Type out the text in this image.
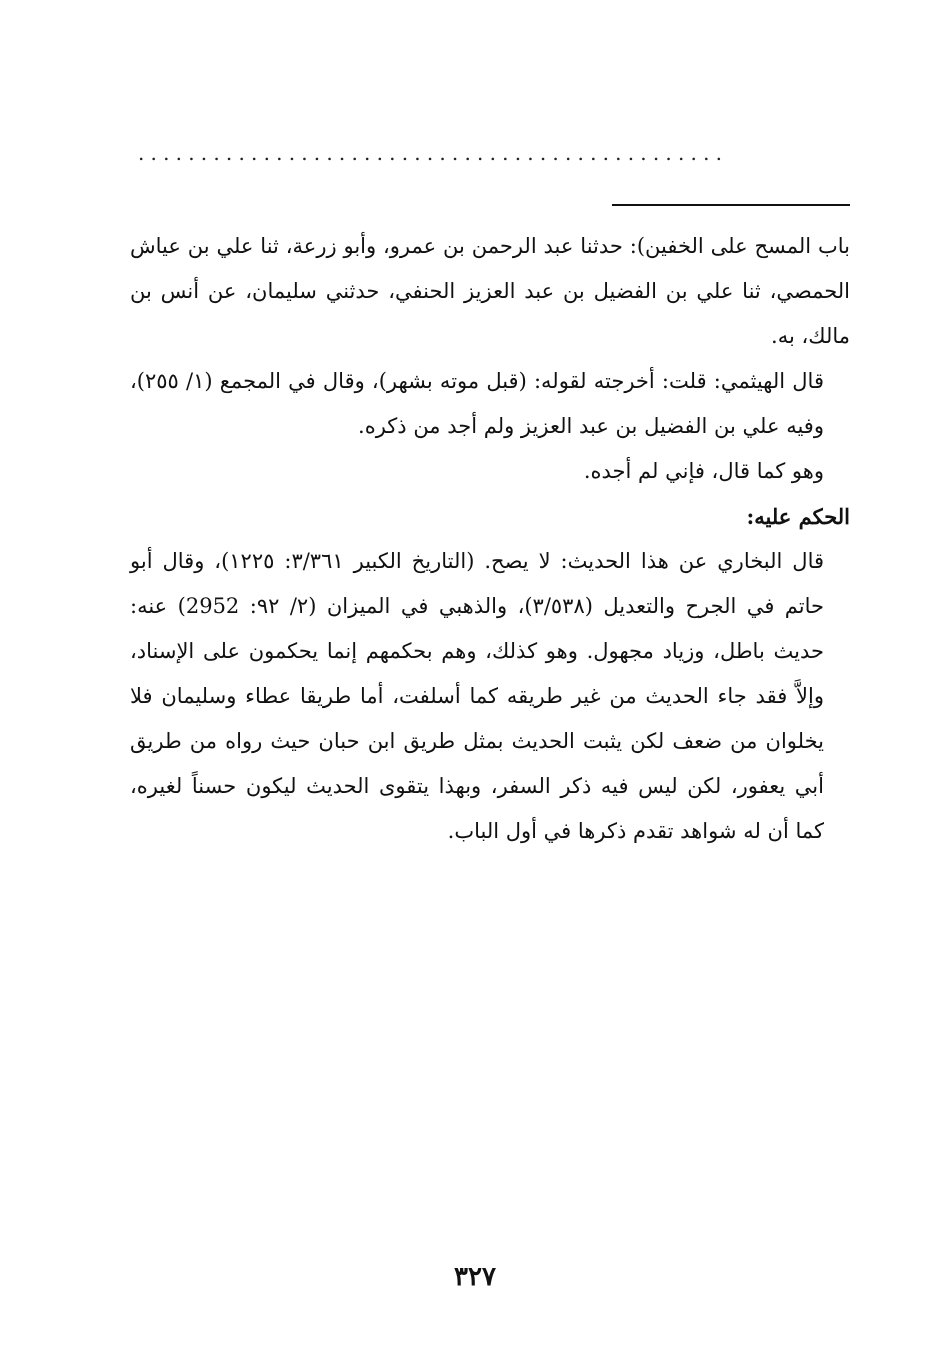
...............................................

باب المسح على الخفين): حدثنا عبد الرحمن بن عمرو، وأبو زرعة، ثنا علي بن عياش الحمصي، ثنا علي بن الفضيل بن عبد العزيز الحنفي، حدثني سليمان، عن أنس بن مالك، به.

قال الهيثمي: قلت: أخرجته لقوله: (قبل موته بشهر)، وقال في المجمع (١/ ٢٥٥)، وفيه علي بن الفضيل بن عبد العزيز ولم أجد من ذكره.

وهو كما قال، فإني لم أجده.

الحكم عليه:

قال البخاري عن هذا الحديث: لا يصح. (التاريخ الكبير ٣/٣٦١: ١٢٢٥)، وقال أبو حاتم في الجرح والتعديل (٣/٥٣٨)، والذهبي في الميزان (٢/ ٩٢: 2952) عنه: حديث باطل، وزياد مجهول. وهو كذلك، وهم بحكمهم إنما يحكمون على الإسناد، وإلاَّ فقد جاء الحديث من غير طريقه كما أسلفت، أما طريقا عطاء وسليمان فلا يخلوان من ضعف لكن يثبت الحديث بمثل طريق ابن حبان حيث رواه من طريق أبي يعفور، لكن ليس فيه ذكر السفر، وبهذا يتقوى الحديث ليكون حسناً لغيره، كما أن له شواهد تقدم ذكرها في أول الباب.

٣٢٧
